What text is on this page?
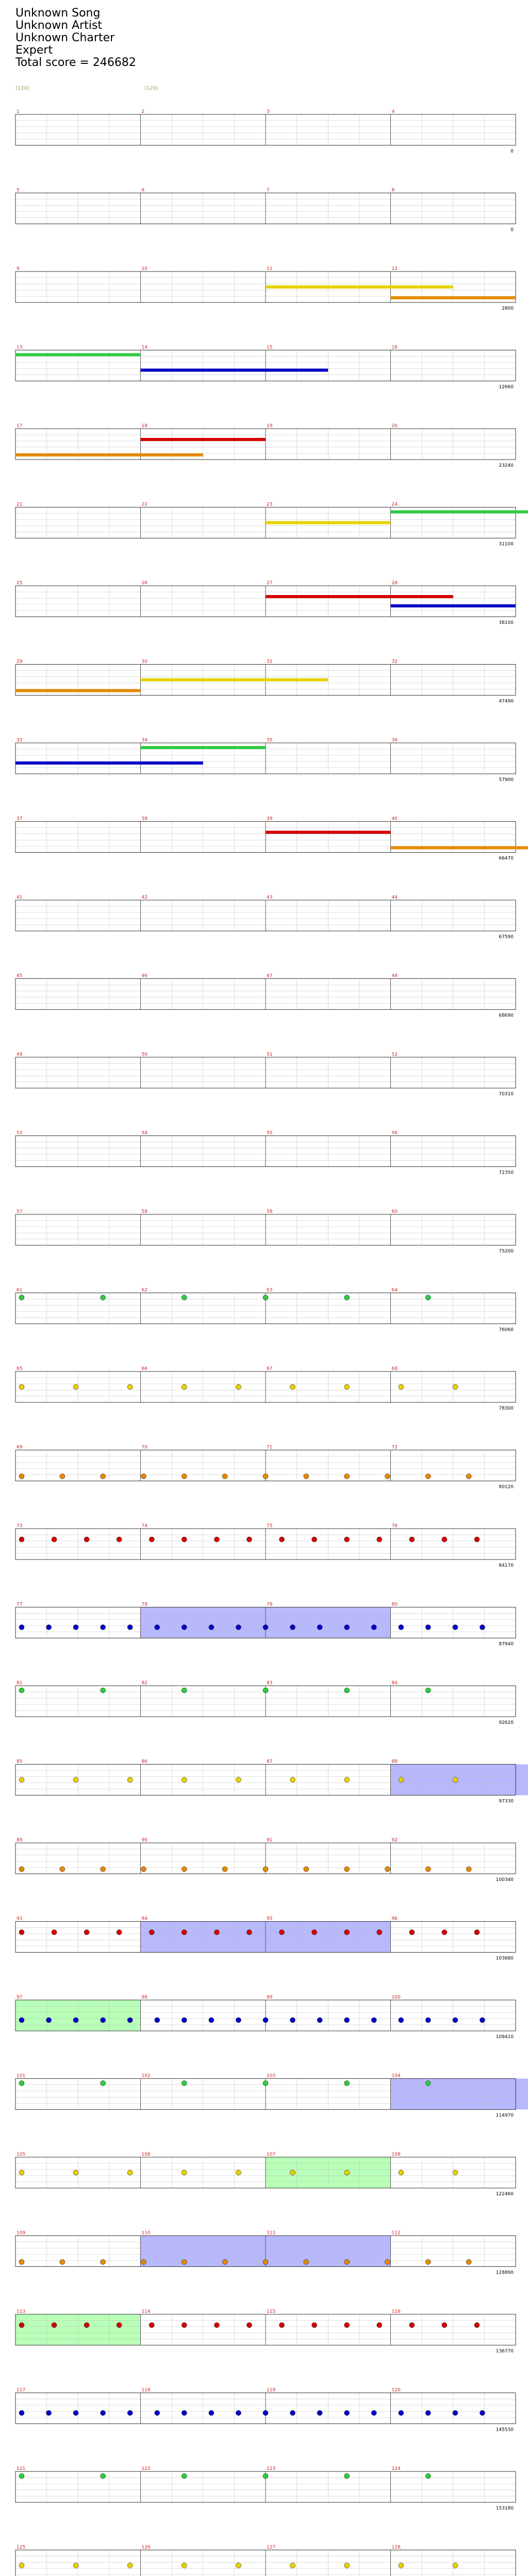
Unknown Song
Unknown Artist
Unknown Charter
Expert
Total score = 246682
(120)	(120)
1	2	3	4
0
5	6	7	8
0
9	10	11	12
2800
13	14	15	16
12660
17	18	19	20
23240
21	22	23	24
31100
25	26	27	28
38100
29	30	31	32
47490
33	34	35	36
57900
37	38	39	40
66470
41	42	43	44
67590
45	46	47	48
68690
49	50	51	52
70310
53	54	55	56
72350
57	58	59	60
75200
61	62	63	64
76060
65	66	67	68
78300
69	70	71	72
80120
73	74	75	76
84170
77	78	79	80
87940
81	82	83	84
92620
85	86	87	88
97330
89	90	91	92
100340
93	94	95	96
103680
97	98	99	100
109410
101	102	103	104
114970
105	106	107	108
122460
109	110	111	112
128890
113	114	115	116
136770
117	118	119	120
145530
121	122	123	124
153180
125	126	127	128
